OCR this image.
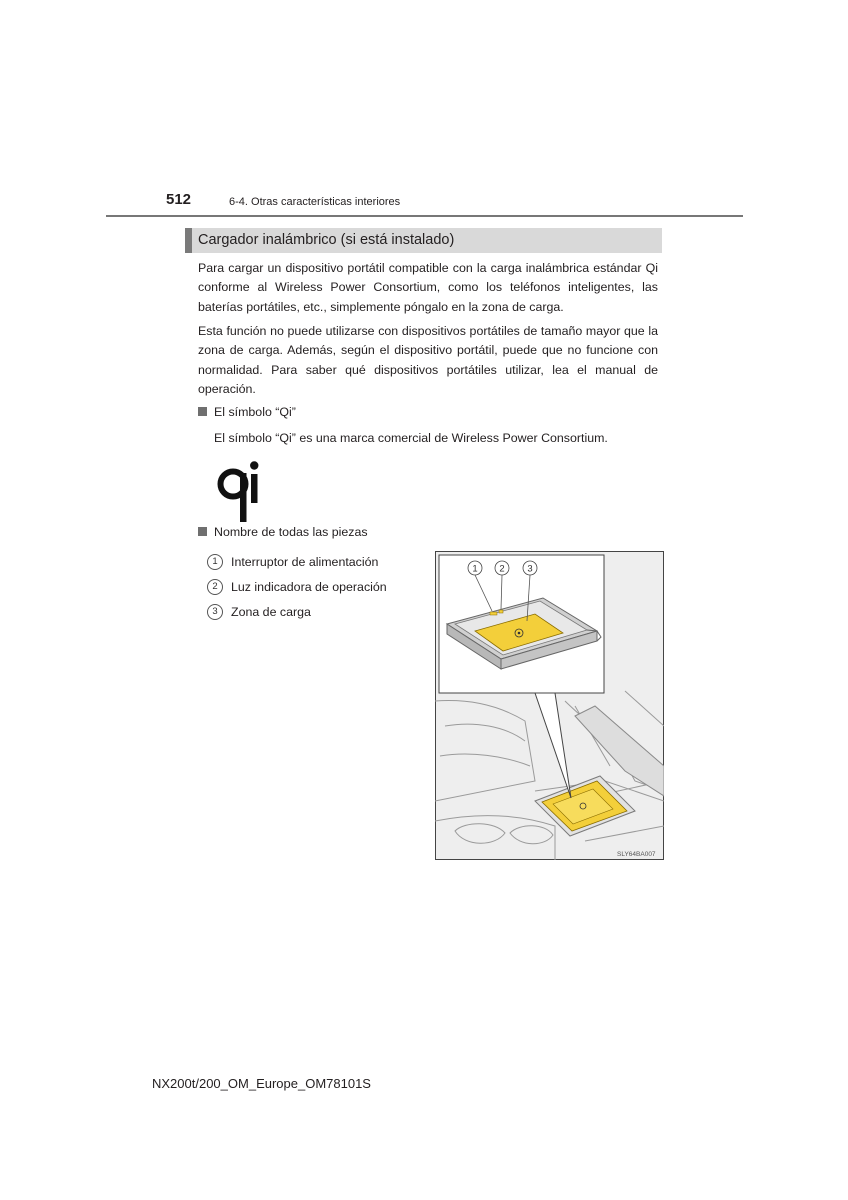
512	6-4. Otras características interiores
Cargador inalámbrico (si está instalado)

Para cargar un dispositivo portátil compatible con la carga inalámbrica estándar Qi conforme al Wireless Power Consortium, como los teléfonos inteligentes, las baterías portátiles, etc., simplemente póngalo en la zona de carga.

Esta función no puede utilizarse con dispositivos portátiles de tamaño mayor que la zona de carga. Además, según el dispositivo portátil, puede que no funcione con normalidad. Para saber qué dispositivos portátiles utilizar, lea el manual de operación.

El símbolo “Qi”
El símbolo “Qi” es una marca comercial de Wireless Power Consortium.
Nombre de todas las piezas
1	Interruptor de alimentación
2	Luz indicadora de operación
3	Zona de carga
1 2 3
SLY64BA007
NX200t/200_OM_Europe_OM78101S
